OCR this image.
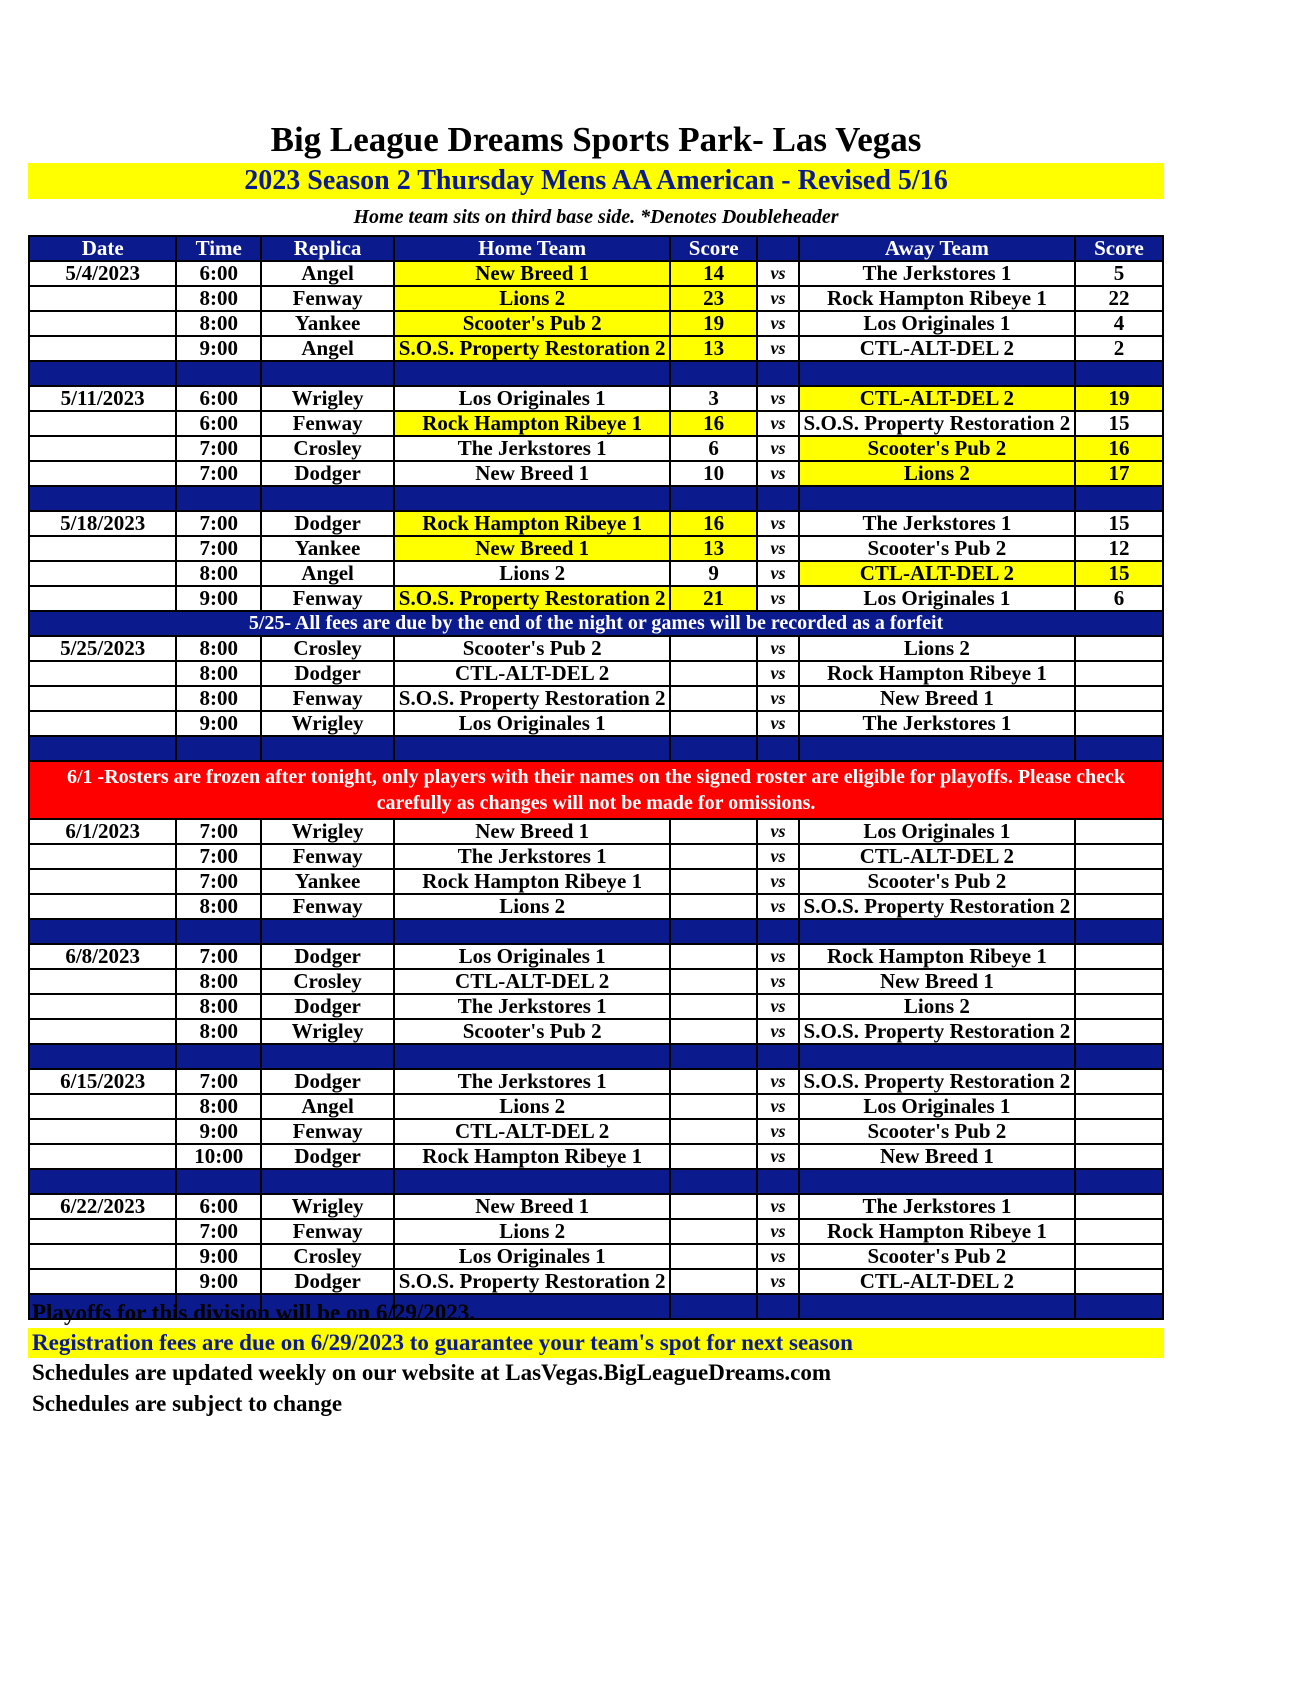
Big League Dreams Sports Park- Las Vegas
2023 Season 2 Thursday Mens AA American - Revised 5/16
Home team sits on third base side. *Denotes Doubleheader
Date	Time	Replica	Home Team	Score		Away Team	Score
5/4/2023	6:00	Angel	New Breed 1	14	vs	The Jerkstores 1	5
	8:00	Fenway	Lions 2	23	vs	Rock Hampton Ribeye 1	22
	8:00	Yankee	Scooter's Pub 2	19	vs	Los Originales 1	4
	9:00	Angel	S.O.S. Property Restoration 2	13	vs	CTL-ALT-DEL 2	2

5/11/2023	6:00	Wrigley	Los Originales 1	3	vs	CTL-ALT-DEL 2	19
	6:00	Fenway	Rock Hampton Ribeye 1	16	vs	S.O.S. Property Restoration 2	15
	7:00	Crosley	The Jerkstores 1	6	vs	Scooter's Pub 2	16
	7:00	Dodger	New Breed 1	10	vs	Lions 2	17

5/18/2023	7:00	Dodger	Rock Hampton Ribeye 1	16	vs	The Jerkstores 1	15
	7:00	Yankee	New Breed 1	13	vs	Scooter's Pub 2	12
	8:00	Angel	Lions 2	9	vs	CTL-ALT-DEL 2	15
	9:00	Fenway	S.O.S. Property Restoration 2	21	vs	Los Originales 1	6
5/25- All fees are due by the end of the night or games will be recorded as a forfeit							
5/25/2023	8:00	Crosley	Scooter's Pub 2		vs	Lions 2	
	8:00	Dodger	CTL-ALT-DEL 2		vs	Rock Hampton Ribeye 1	
	8:00	Fenway	S.O.S. Property Restoration 2		vs	New Breed 1	
	9:00	Wrigley	Los Originales 1		vs	The Jerkstores 1	

6/1 -Rosters are frozen after tonight, only players with their names on the signed roster are eligible for playoffs. Please check carefully as changes will not be made for omissions.							
6/1/2023	7:00	Wrigley	New Breed 1		vs	Los Originales 1	
	7:00	Fenway	The Jerkstores 1		vs	CTL-ALT-DEL 2	
	7:00	Yankee	Rock Hampton Ribeye 1		vs	Scooter's Pub 2	
	8:00	Fenway	Lions 2		vs	S.O.S. Property Restoration 2	

6/8/2023	7:00	Dodger	Los Originales 1		vs	Rock Hampton Ribeye 1	
	8:00	Crosley	CTL-ALT-DEL 2		vs	New Breed 1	
	8:00	Dodger	The Jerkstores 1		vs	Lions 2	
	8:00	Wrigley	Scooter's Pub 2		vs	S.O.S. Property Restoration 2	

6/15/2023	7:00	Dodger	The Jerkstores 1		vs	S.O.S. Property Restoration 2	
	8:00	Angel	Lions 2		vs	Los Originales 1	
	9:00	Fenway	CTL-ALT-DEL 2		vs	Scooter's Pub 2	
	10:00	Dodger	Rock Hampton Ribeye 1		vs	New Breed 1	

6/22/2023	6:00	Wrigley	New Breed 1		vs	The Jerkstores 1	
	7:00	Fenway	Lions 2		vs	Rock Hampton Ribeye 1	
	9:00	Crosley	Los Originales 1		vs	Scooter's Pub 2	
	9:00	Dodger	S.O.S. Property Restoration 2		vs	CTL-ALT-DEL 2	

Playoffs for this division will be on 6/29/2023.
Registration fees are due on 6/29/2023 to guarantee your team's spot for next season
Schedules are updated weekly on our website at LasVegas.BigLeagueDreams.com
Schedules are subject to change
